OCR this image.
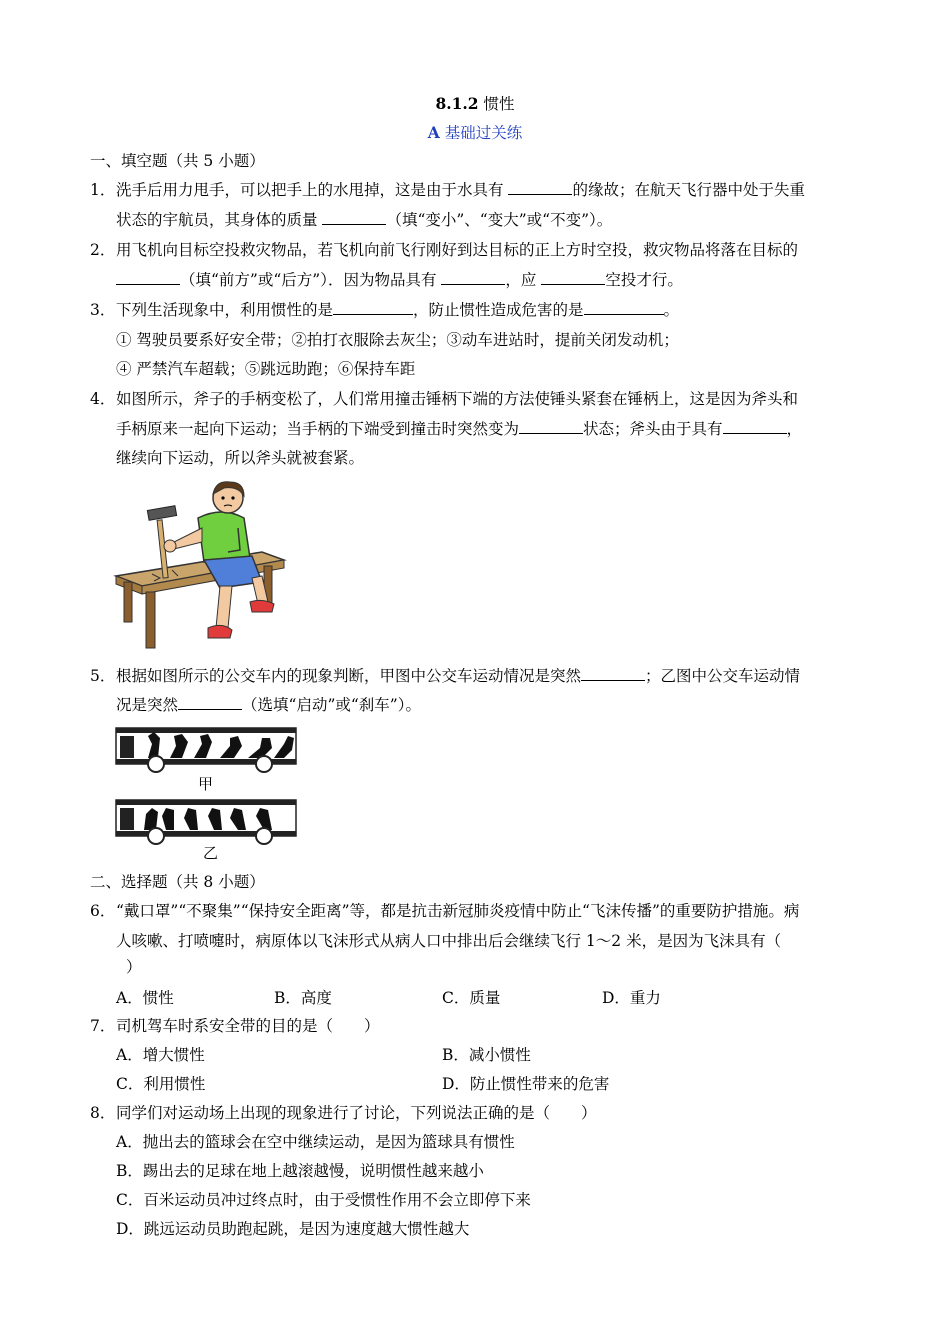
8.1.2 惯性
A 基础过关练
一、填空题（共 5 小题）
1．洗手后用力甩手，可以把手上的水甩掉，这是由于水具有	的缘故；在航天飞行器中处于失重
状态的宇航员，其身体的质量	（填“变小”、“变大”或“不变”）。
2．用飞机向目标空投救灾物品，若飞机向前飞行刚好到达目标的正上方时空投，救灾物品将落在目标的
（填“前方”或“后方”）．因为物品具有	，应	空投才行。
3．下列生活现象中，利用惯性的是	，防止惯性造成危害的是	。
① 驾驶员要系好安全带；②拍打衣服除去灰尘；③动车进站时，提前关闭发动机；
④ 严禁汽车超载；⑤跳远助跑；⑥保持车距
4．如图所示，斧子的手柄变松了，人们常用撞击锤柄下端的方法使锤头紧套在锤柄上，这是因为斧头和
手柄原来一起向下运动；当手柄的下端受到撞击时突然变为	状态；斧头由于具有	，
继续向下运动，所以斧头就被套紧。
5．根据如图所示的公交车内的现象判断，甲图中公交车运动情况是突然	；乙图中公交车运动情
况是突然	（选填“启动”或“刹车”）。
甲
乙
二、选择题（共 8 小题）
6．“戴口罩”“不聚集”“保持安全距离”等，都是抗击新冠肺炎疫情中防止“飞沫传播”的重要防护措施。病
人咳嗽、打喷嚏时，病原体以飞沫形式从病人口中排出后会继续飞行 1～2 米，是因为飞沫具有（
）
A．惯性	B．高度	C．质量	D．重力
7．司机驾车时系安全带的目的是（　　）
A．增大惯性	B．减小惯性
C．利用惯性	D．防止惯性带来的危害
8．同学们对运动场上出现的现象进行了讨论，下列说法正确的是（　　）
A．抛出去的篮球会在空中继续运动，是因为篮球具有惯性
B．踢出去的足球在地上越滚越慢，说明惯性越来越小
C．百米运动员冲过终点时，由于受惯性作用不会立即停下来
D．跳远运动员助跑起跳，是因为速度越大惯性越大
